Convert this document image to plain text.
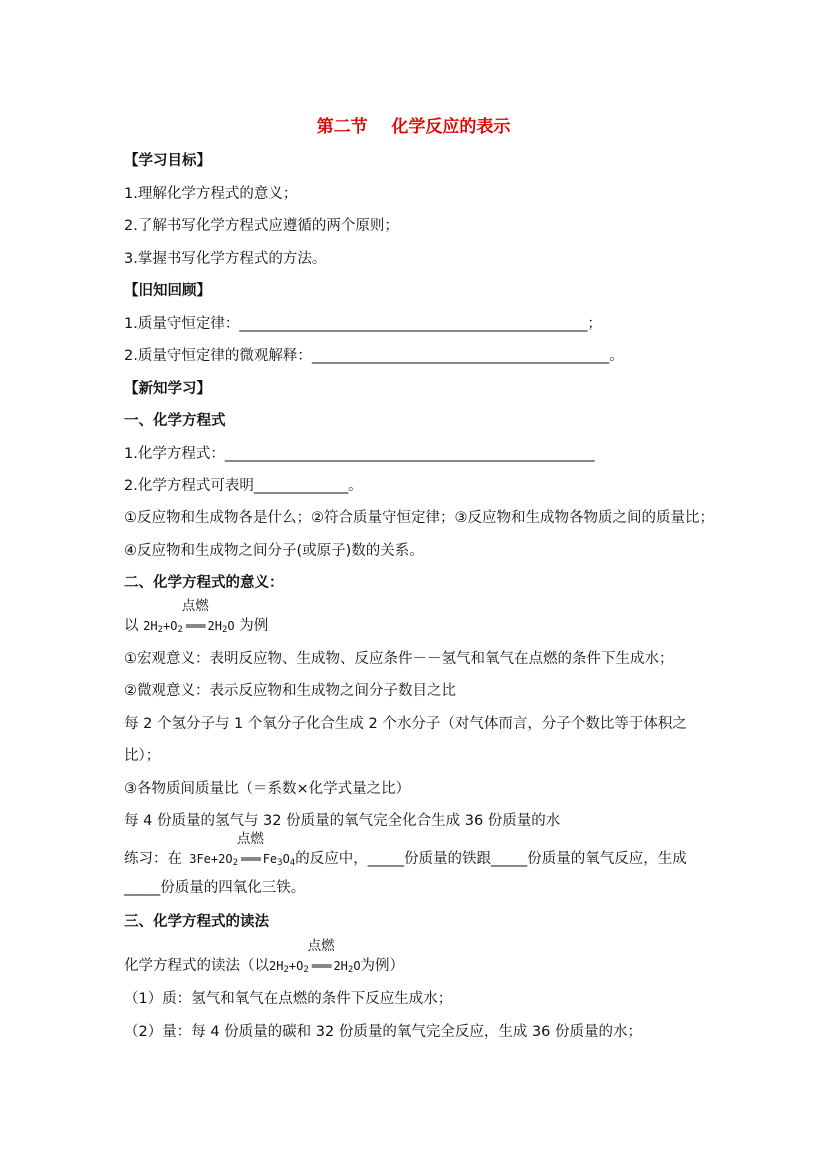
第二节    化学反应的表示
【学习目标】
1.理解化学方程式的意义；
2.了解书写化学方程式应遵循的两个原则；
3.掌握书写化学方程式的方法。
【旧知回顾】
1.质量守恒定律：________________________________________________；
2.质量守恒定律的微观解释：_________________________________________。
【新知学习】
一、化学方程式
1.化学方程式：___________________________________________________
2.化学方程式可表明_____________。
①反应物和生成物各是什么；②符合质量守恒定律；③反应物和生成物各物质之间的质量比；
④反应物和生成物之间分子(或原子)数的关系。
二、化学方程式的意义：
以 $2H_2+O_2$
点燃
═══ $2H_2O$ 为例
①宏观意义：表明反应物、生成物、反应条件－－氢气和氧气在点燃的条件下生成水；
②微观意义：表示反应物和生成物之间分子数目之比
每 2 个氢分子与 1 个氧分子化合生成 2 个水分子（对气体而言，分子个数比等于体积之
比）；
③各物质间质量比（＝系数×化学式量之比）
每 4 份质量的氢气与 32 份质量的氧气完全化合生成 36 份质量的水
练习：在 $3Fe+2O_2$
点燃
═══ $Fe_3O_4$的反应中，_____份质量的铁跟_____份质量的氧气反应，生成
_____份质量的四氧化三铁。
三、化学方程式的读法
化学方程式的读法（以$2H_2+O_2$
点燃
═══ $2H_2O$为例）
（1）质：氢气和氧气在点燃的条件下反应生成水；
（2）量：每 4 份质量的碳和 32 份质量的氧气完全反应，生成 36 份质量的水；
